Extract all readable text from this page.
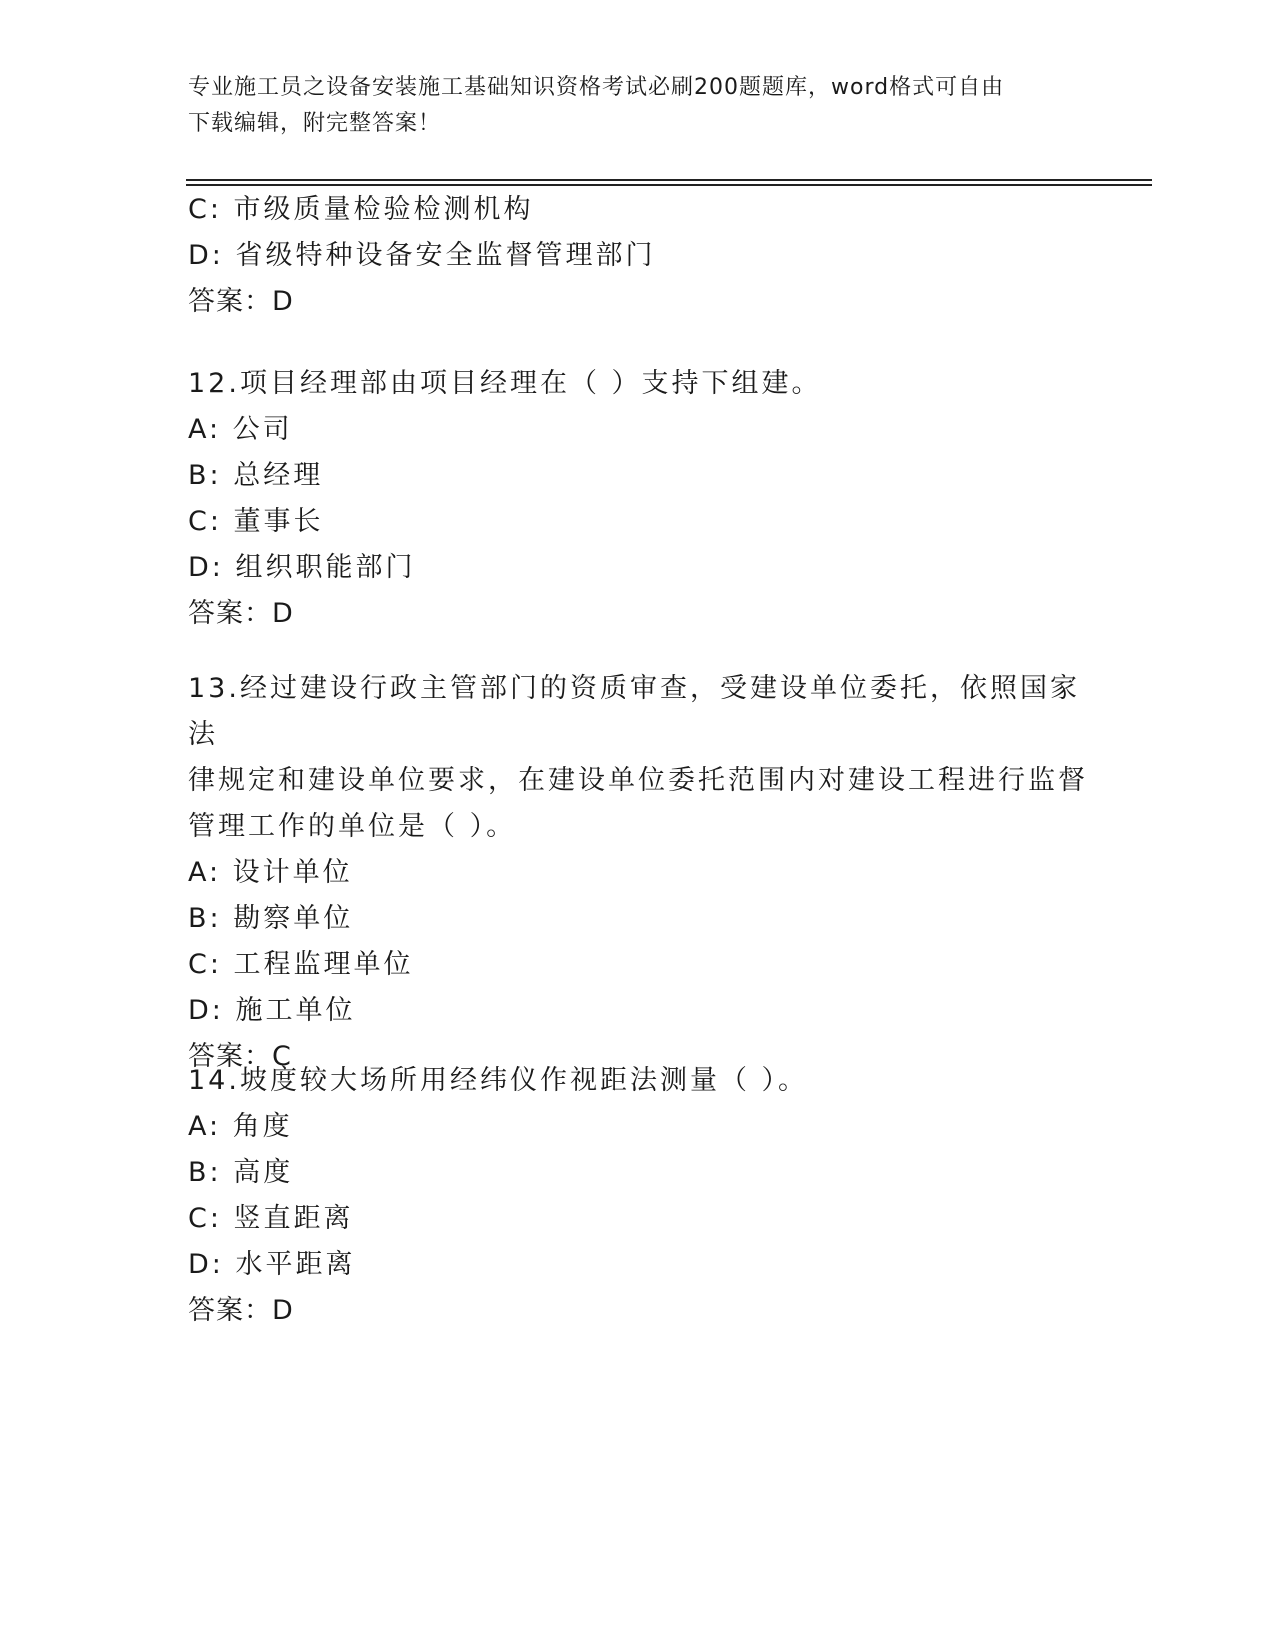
专业施工员之设备安装施工基础知识资格考试必刷200题题库，word格式可自由
下载编辑，附完整答案！
C: 市级质量检验检测机构
D: 省级特种设备安全监督管理部门
答案：D
12.项目经理部由项目经理在（ ）支持下组建。
A: 公司
B: 总经理
C: 董事长
D: 组织职能部门
答案：D
13.经过建设行政主管部门的资质审查，受建设单位委托，依照国家法
律规定和建设单位要求，在建设单位委托范围内对建设工程进行监督
管理工作的单位是（ ）。
A: 设计单位
B: 勘察单位
C: 工程监理单位
D: 施工单位
答案：C
14.坡度较大场所用经纬仪作视距法测量（ ）。
A: 角度
B: 高度
C: 竖直距离
D: 水平距离
答案：D
